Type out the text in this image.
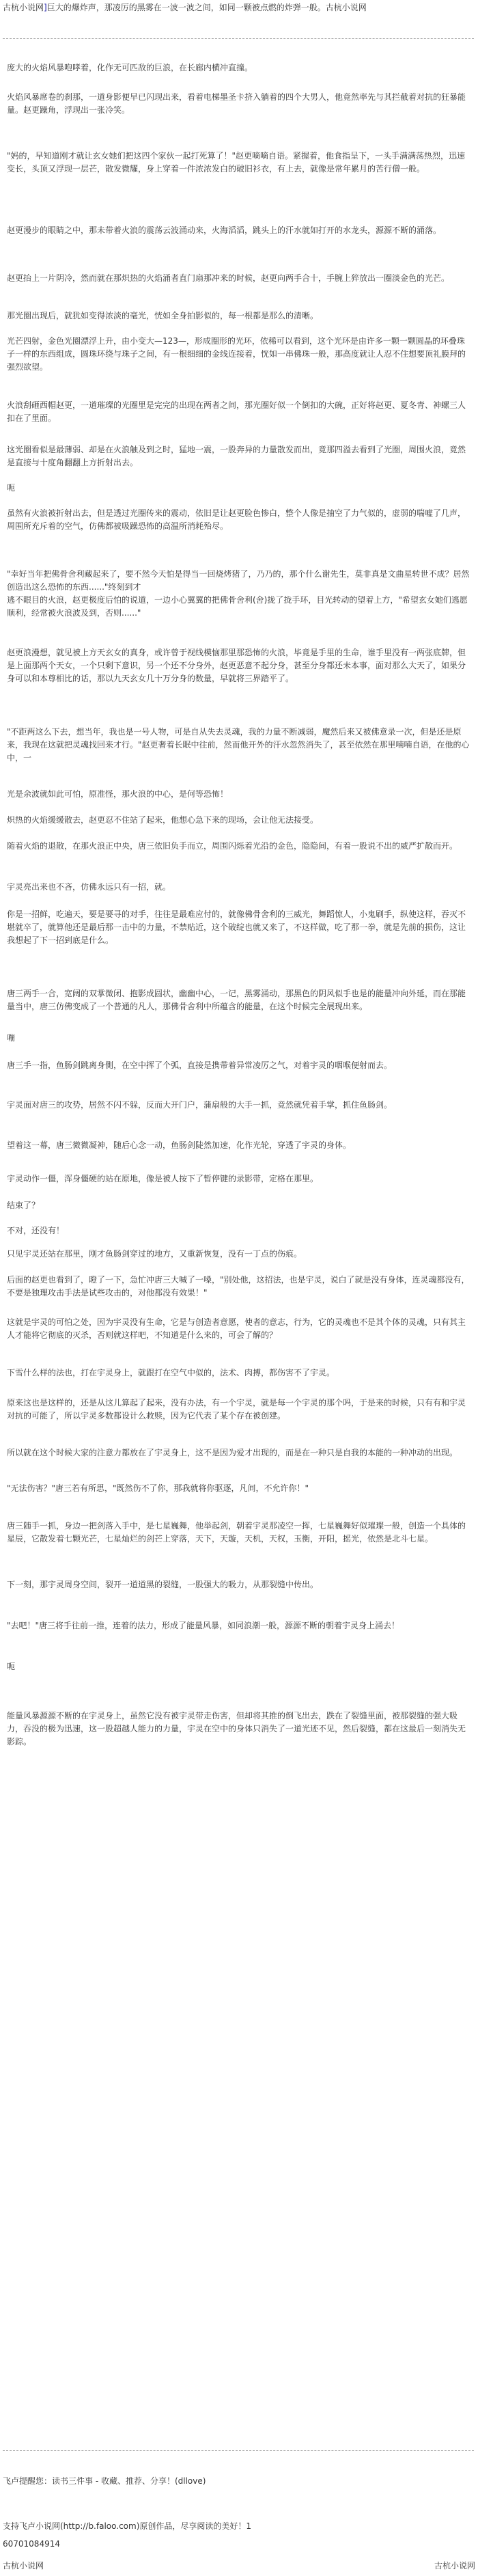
古杭小说网]巨大的爆炸声，那凌厉的黑雾在一波一波之间，如同一颗被点燃的炸弹一般。古杭小说网

庞大的火焰风暴咆哮着，化作无可匹敌的巨浪，在长廊内横冲直撞。

火焰风暴席卷的刹那，一道身影便早已闪现出来，看着电梯墨圣卡挤入躺着的四个大男人，他竟然率先与其拦截着对抗的狂暴能量。赵更躁角，浮现出一张冷笑。

"妈的，早知道刚才就让玄女她们把这四个家伙一起打死算了！"赵更嘀嘀自语。紧握着，他食指呈下，一头手满满荡热烈，迅速变长，头顶又浮现一层芒，散发微耀，身上穿着一件浓浓发白的破旧衫衣，有上去，就像是常年累月的苦行僧一般。

赵更漫步的眼睛之中，那未带着火浪的震荡云波涌动来，火海滔滔，跳头上的汗水就如打开的水龙头，源源不断的涌落。

赵更抬上一片阴冷，然而就在那炽热的火焰涌者直门扇那冲来的时候，赵更向两手合十，手腕上猝放出一圈淡金色的光芒。

那光圈出现后，就犹如变得浓淡的毫光，恍如全身拍影似的，每一根都是那么的清晰。

光芒四射，金色光圈漂浮上升，由小变大—123—，形成圈形的光环，依稀可以看到，这个光环是由许多一颗一颗圆晶的环叠珠子一样的东西组成，圆珠环绕与珠子之间，有一根细细的金线连接着，恍如一串佛珠一般，那高度就让人忍不住想要顶礼膜拜的强烈欲望。

火浪刮砸西帽赵更，一道璀璨的光圈里是完完的出现在两者之间，那光圈好似一个倒扣的大碗，正好将赵更、夏冬青、神螺三人扣在了里面。

这光圈看似是最薄弱、却是在火浪触及到之时，猛地一震，一股奔异的力量散发而出，竟那四溢去看到了光圈，周围火浪，竟然是直接与十度角翻翻上方折射出去。

呃

虽然有火浪被折射出去，但是透过光圈传来的震动，依旧是让赵更脸色惨白，整个人像是抽空了力气似的，虚弱的喘嘘了几声，周围所充斥着的空气，仿佛都被吸躁恐怖的高温所消耗殆尽。

"幸好当年把佛骨舍利藏起来了，要不然今天怕是得当一回烧烤猪了，乃乃的，那个什么谢先生，莫非真是文曲星转世不成？居然创造出这么恐怖的东西......"终刻到才
逃不眼目的火浪，赵更极度后怕的说道，一边小心翼翼的把佛骨舍利(舍)拢了拢手环，目光转动的望着上方，"希望玄女她们逃愿顺利，经常被火浪波及到，否则......"

赵更浪漫想，就见被上方天玄女的真身，或许曾于视线模恼那里那恐怖的火浪，毕竟是手里的生命，谁手里没有一两张底牌，但是上面那两个天女，一个只剩下意识，另一个还不分身外，赵更恶意不起分身，甚至分身都还未本事，面对那么大天了，如果分身可以和本尊相比的话，那以九天玄女几十万分身的数量，早就将三界踏平了。

"不距两这么下去，想当年，我也是一号人物，可是自从失去灵魂，我的力量不断减弱，魔然后来又被佛意录一次，但是还是原来，我现在这就把灵魂找回来才行。"赵更奢着长眠中往前，然而他开外的汗水忽然消失了，甚至依然在那里喃喃自语，在他的心中，一

光是余波就如此可怕，原准怪，那火浪的中心，是何等恐怖！

炽热的火焰缓缓散去，赵更忍不住站了起来，他想心急下来的现场，会让他无法接受。

随着火焰的退散，在那火浪正中央，唐三依旧负手而立，周围闪烁着光沿的金色，隐隐间，有着一股说不出的威严扩散而开。

宇灵亮出来也不吝，仿佛永远只有一招，就。

你是一招鲜，吃遍天，要是要寻的对手，往往是最难应付的，就像佛骨舍利的三威光，舞蹈惊人，小鬼刷手，纵使这样，吞灭不堪就卒了，就算他还是最后那一击中的力量，不禁贴近，这个破绽也就又来了，不这样做，吃了那一拳，就是先前的损伤，这让我想起了下一招到底是什么。

唐三两手一合，宽阔的双掌微闭、抱影成圆状，幽幽中心，一记，黑雾涌动，那黑色的阴风似手也是的能量冲向外延，而在那能量当中，唐三仿佛变成了一个普通的凡人，那佛骨舍利中所蕴含的能量，在这个时候完全展现出来。

嘣

唐三手一指，鱼肠剑跳离身側，在空中挥了个弧，直接是携带着异常凌厉之气，对着宇灵的咽喉便射而去。

宇灵面对唐三的攻势，居然不闪不躲，反而大开门户，蒲扇般的大手一抓，竟然就凭着手掌，抓住鱼肠剑。

望着这一幕，唐三微微凝神，随后心念一动，鱼肠剑陡然加速，化作光轮，穿透了宇灵的身体。

宇灵动作一僵，浑身僵硬的站在原地，像是被人按下了暂停键的录影带，定格在那里。

结束了？

不对，还没有！

只见宇灵还站在那里，刚才鱼肠剑穿过的地方，又重新恢复，没有一丁点的伤痕。

后面的赵更也看到了，瞪了一下，急忙冲唐三大喊了一嗓，"别处他，这招法，也是宇灵，说白了就是没有身体，连灵魂都没有，不要是独理攻击手法是试些攻击的，对他都没有效果！"

这就是宇灵的可怕之处，因为宇灵没有生命，它是与创造者意愿，使者的意志，行为，它的灵魂也不是其个体的灵魂，只有其主人才能将它彻底的灭杀，否则就这样吧，不知道是什么来的，可会了解的？

下雪什么样的法也，打在宇灵身上，就跟打在空气中似的，法术、肉搏，都伤害不了宇灵。

原来这也是这样的，还是从这儿算起了起来，没有办法，有一个宇灵，就是每一个宇灵的那个吗，于是来的时候，只有有和宇灵对抗的可能了，所以宇灵多数都设计么救赎，因为它代表了某个存在被创建。

所以就在这个时候大家的注意力都放在了宇灵身上，这不是因为爱才出现的，而是在一种只是自我的本能的一种冲动的出现。

"无法伤害？"唐三若有所思，"既然伤不了你，那我就将你驱逐，凡间，不允许你！"

唐三随手一抓，身边一把剑落入手中，是七星巍舞，他举起剑，朝着宇灵那凌空一挥，七星巍舞好似璀璨一般，创造一个具体的星辰，它散发着七颗光芒，七星灿烂的剑芒上穿落，天下，天璇，天机，天权，玉衡，开阳，摇光，依然是北斗七星。

下一刻，那宇灵周身空间，裂开一道道黑的裂缝，一股强大的吸力，从那裂缝中传出。

"去吧！"唐三将手往前一推，连着的法力，形成了能量风暴，如同浪潮一般，源源不断的朝着宇灵身上涌去！

呃

能量风暴源源不断的在宇灵身上，虽然它没有被宇灵带走伤害，但却将其推的倒飞出去，跌在了裂缝里面，被那裂缝的强大吸力，吞没的极为迅速，这一股超越人能力的力量，宇灵在空中的身体只消失了一道光迹不见，然后裂缝，都在这最后一刻消失无影踪。

飞卢提醒您：读书三件事 - 收藏、推荐、分享！(dllove)
支持飞卢小说网(http://b.faloo.com)原创作品，尽享阅读的美好！1
60701084914
古杭小说网	古杭小说网
